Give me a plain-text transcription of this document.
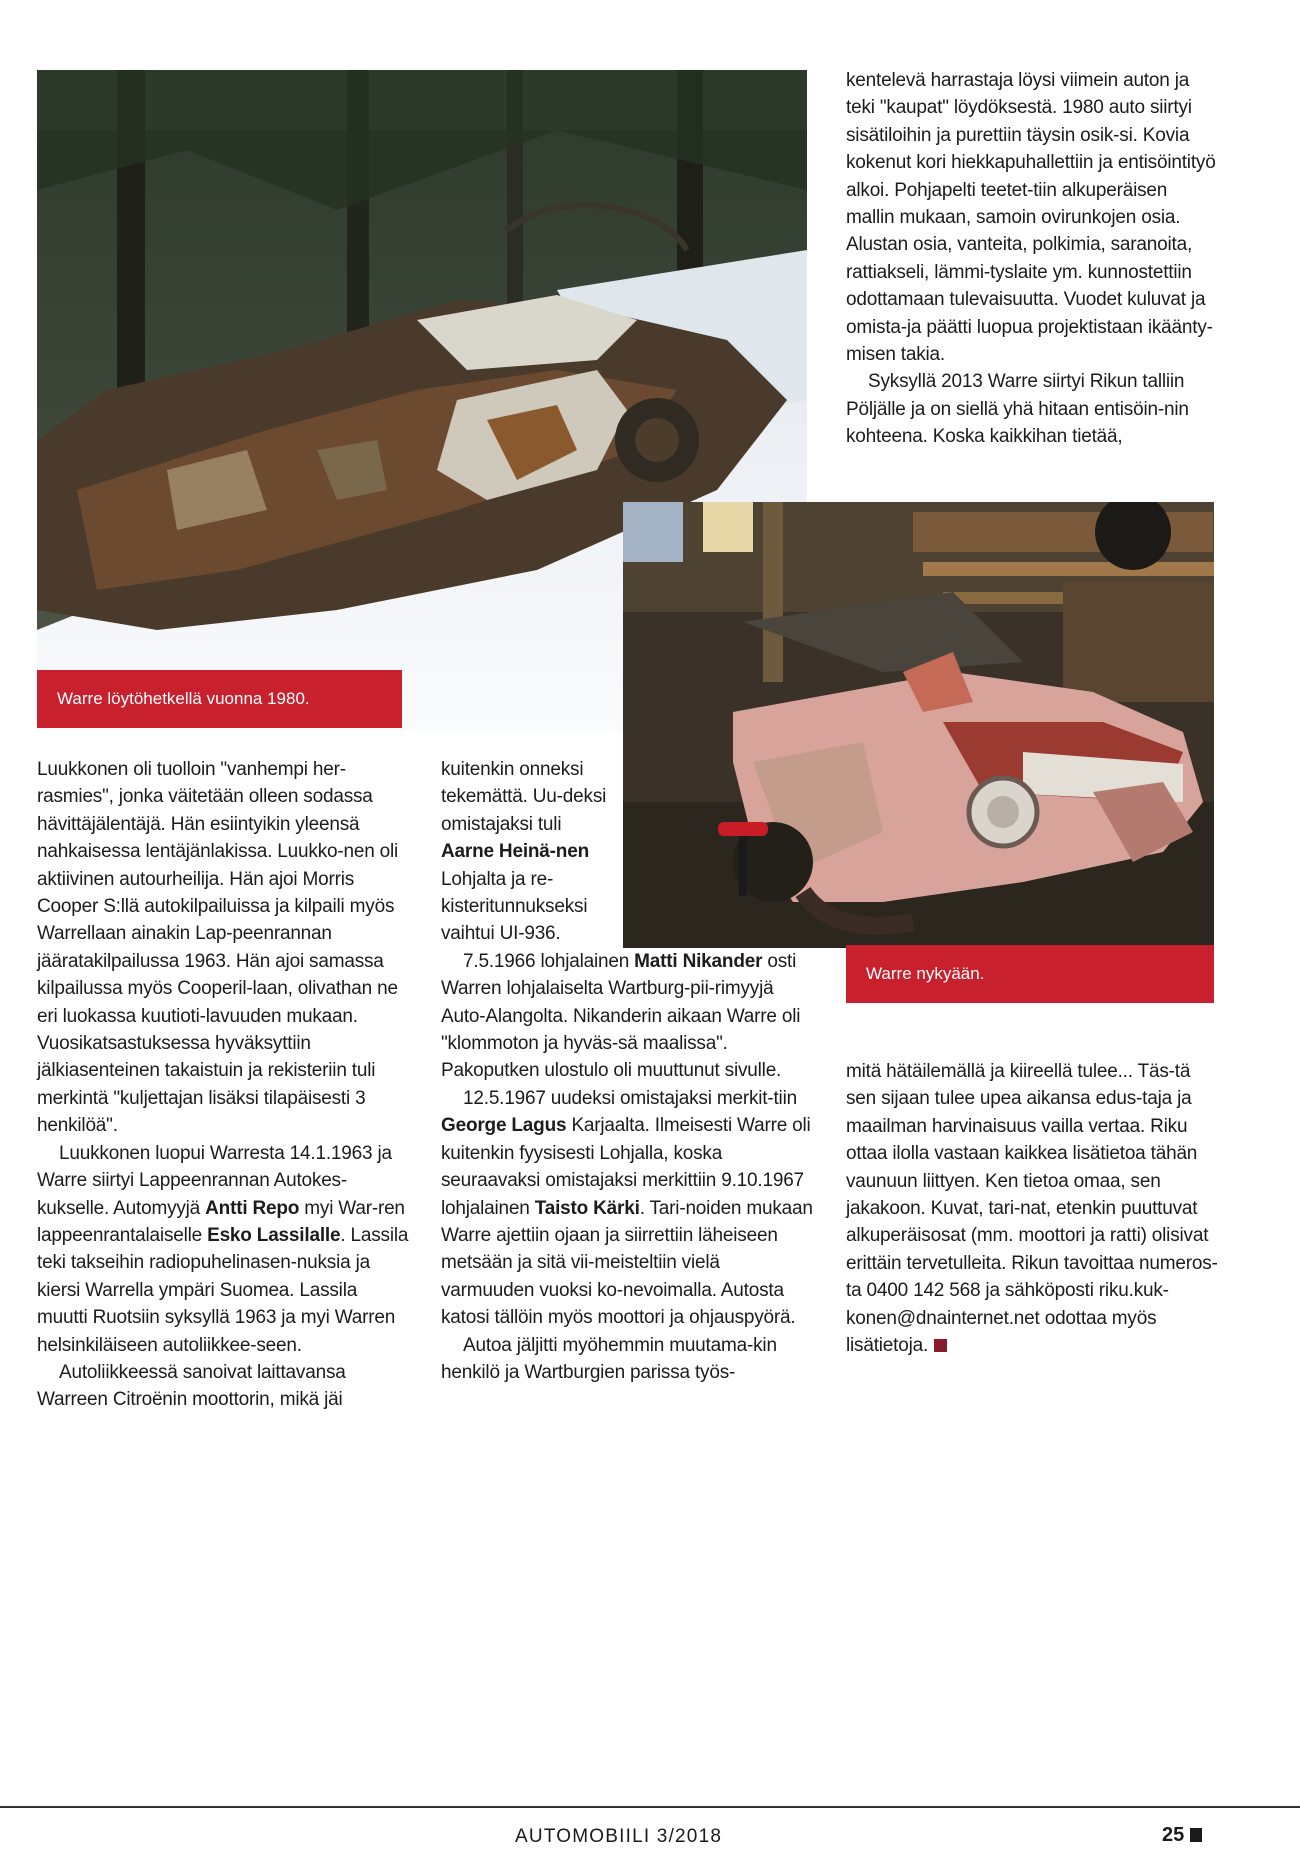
Warre löytöhetkellä vuonna 1980.
Warre nykyään.

kentelevä harrastaja löysi viimein auton ja teki "kaupat" löydöksestä. 1980 auto siirtyi sisätiloihin ja purettiin täysin osik-si. Kovia kokenut kori hiekkapuhallettiin ja entisöintityö alkoi. Pohjapelti teetet-tiin alkuperäisen mallin mukaan, samoin ovirunkojen osia. Alustan osia, vanteita, polkimia, saranoita, rattiakseli, lämmi-tyslaite ym. kunnostettiin odottamaan tulevaisuutta. Vuodet kuluvat ja omista-ja päätti luopua projektistaan ikäänty-misen takia.

Syksyllä 2013 Warre siirtyi Rikun talliin Pöljälle ja on siellä yhä hitaan entisöin-nin kohteena. Koska kaikkihan tietää,

Luukkonen oli tuolloin "vanhempi her-rasmies", jonka väitetään olleen sodassa hävittäjälentäjä. Hän esiintyikin yleensä nahkaisessa lentäjänlakissa. Luukko-nen oli aktiivinen autourheilija. Hän ajoi Morris Cooper S:llä autokilpailuissa ja kilpaili myös Warrellaan ainakin Lap-peenrannan jääratakilpailussa 1963. Hän ajoi samassa kilpailussa myös Cooperil-laan, olivathan ne eri luokassa kuutioti-lavuuden mukaan. Vuosikatsastuksessa hyväksyttiin jälkiasenteinen takaistuin ja rekisteriin tuli merkintä "kuljettajan lisäksi tilapäisesti 3 henkilöä".

Luukkonen luopui Warresta 14.1.1963 ja Warre siirtyi Lappeenrannan Autokes-kukselle. Automyyjä Antti Repo myi War-ren lappeenrantalaiselle Esko Lassilalle. Lassila teki takseihin radiopuhelinasen-nuksia ja kiersi Warrella ympäri Suomea. Lassila muutti Ruotsiin syksyllä 1963 ja myi Warren helsinkiläiseen autoliikkee-seen.

Autoliikkeessä sanoivat laittavansa Warreen Citroënin moottorin, mikä jäi

kuitenkin onneksi tekemättä. Uu-deksi omistajaksi tuli Aarne Heinä-nen Lohjalta ja re-kisteritunnukseksi vaihtui UI-936.

7.5.1966 lohjalainen Matti Nikander osti Warren lohjalaiselta Wartburg-pii-rimyyjä Auto-Alangolta. Nikanderin aikaan Warre oli "klommoton ja hyväs-sä maalissa". Pakoputken ulostulo oli muuttunut sivulle.

12.5.1967 uudeksi omistajaksi merkit-tiin George Lagus Karjaalta. Ilmeisesti Warre oli kuitenkin fyysisesti Lohjalla, koska seuraavaksi omistajaksi merkittiin 9.10.1967 lohjalainen Taisto Kärki. Tari-noiden mukaan Warre ajettiin ojaan ja siirrettiin läheiseen metsään ja sitä vii-meisteltiin vielä varmuuden vuoksi ko-nevoimalla. Autosta katosi tällöin myös moottori ja ohjauspyörä.

Autoa jäljitti myöhemmin muutama-kin henkilö ja Wartburgien parissa työs-

mitä hätäilemällä ja kiireellä tulee... Täs-tä sen sijaan tulee upea aikansa edus-taja ja maailman harvinaisuus vailla vertaa. Riku ottaa ilolla vastaan kaikkea lisätietoa tähän vaunuun liittyen. Ken tietoa omaa, sen jakakoon. Kuvat, tari-nat, etenkin puuttuvat alkuperäisosat (mm. moottori ja ratti) olisivat erittäin tervetulleita. Rikun tavoittaa numeros-ta 0400 142 568 ja sähköposti riku.kuk-konen@dnainternet.net odottaa myös lisätietoja.

AUTOMOBIILI 3/2018	25
